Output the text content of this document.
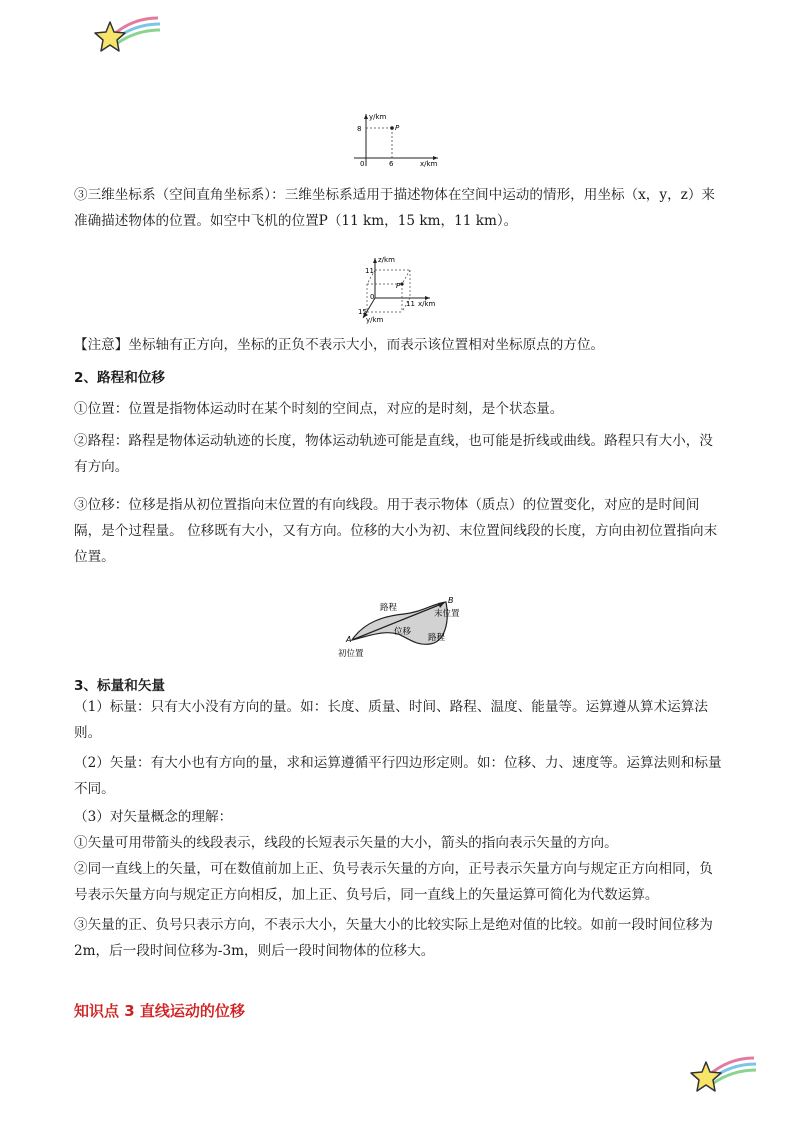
y/km
x/km
P
8
0	6

③三维坐标系（空间直角坐标系）：三维坐标系适用于描述物体在空间中运动的情形，用坐标（x，y，z）来准确描述物体的位置。如空中飞机的位置P（11 km，15 km，11 km）。

z/km
11
x/km
11
0
15
y/km
P

【注意】坐标轴有正方向，坐标的正负不表示大小，而表示该位置相对坐标原点的方位。

2、路程和位移

①位置：位置是指物体运动时在某个时刻的空间点，对应的是时刻，是个状态量。

②路程：路程是物体运动轨迹的长度，物体运动轨迹可能是直线，也可能是折线或曲线。路程只有大小，没有方向。

③位移：位移是指从初位置指向末位置的有向线段。用于表示物体（质点）的位置变化，对应的是时间间隔，是个过程量。 位移既有大小，又有方向。位移的大小为初、末位置间线段的长度，方向由初位置指向末位置。

路程
路程
位移
A
B
末位置
初位置
3、标量和矢量

（1）标量：只有大小没有方向的量。如：长度、质量、时间、路程、温度、能量等。运算遵从算术运算法则。

（2）矢量：有大小也有方向的量，求和运算遵循平行四边形定则。如：位移、力、速度等。运算法则和标量不同。

（3）对矢量概念的理解：

①矢量可用带箭头的线段表示，线段的长短表示矢量的大小，箭头的指向表示矢量的方向。

②同一直线上的矢量，可在数值前加上正、负号表示矢量的方向，正号表示矢量方向与规定正方向相同，负号表示矢量方向与规定正方向相反，加上正、负号后，同一直线上的矢量运算可简化为代数运算。

③矢量的正、负号只表示方向，不表示大小，矢量大小的比较实际上是绝对值的比较。如前一段时间位移为2m，后一段时间位移为-3m，则后一段时间物体的位移大。

知识点 3 直线运动的位移
